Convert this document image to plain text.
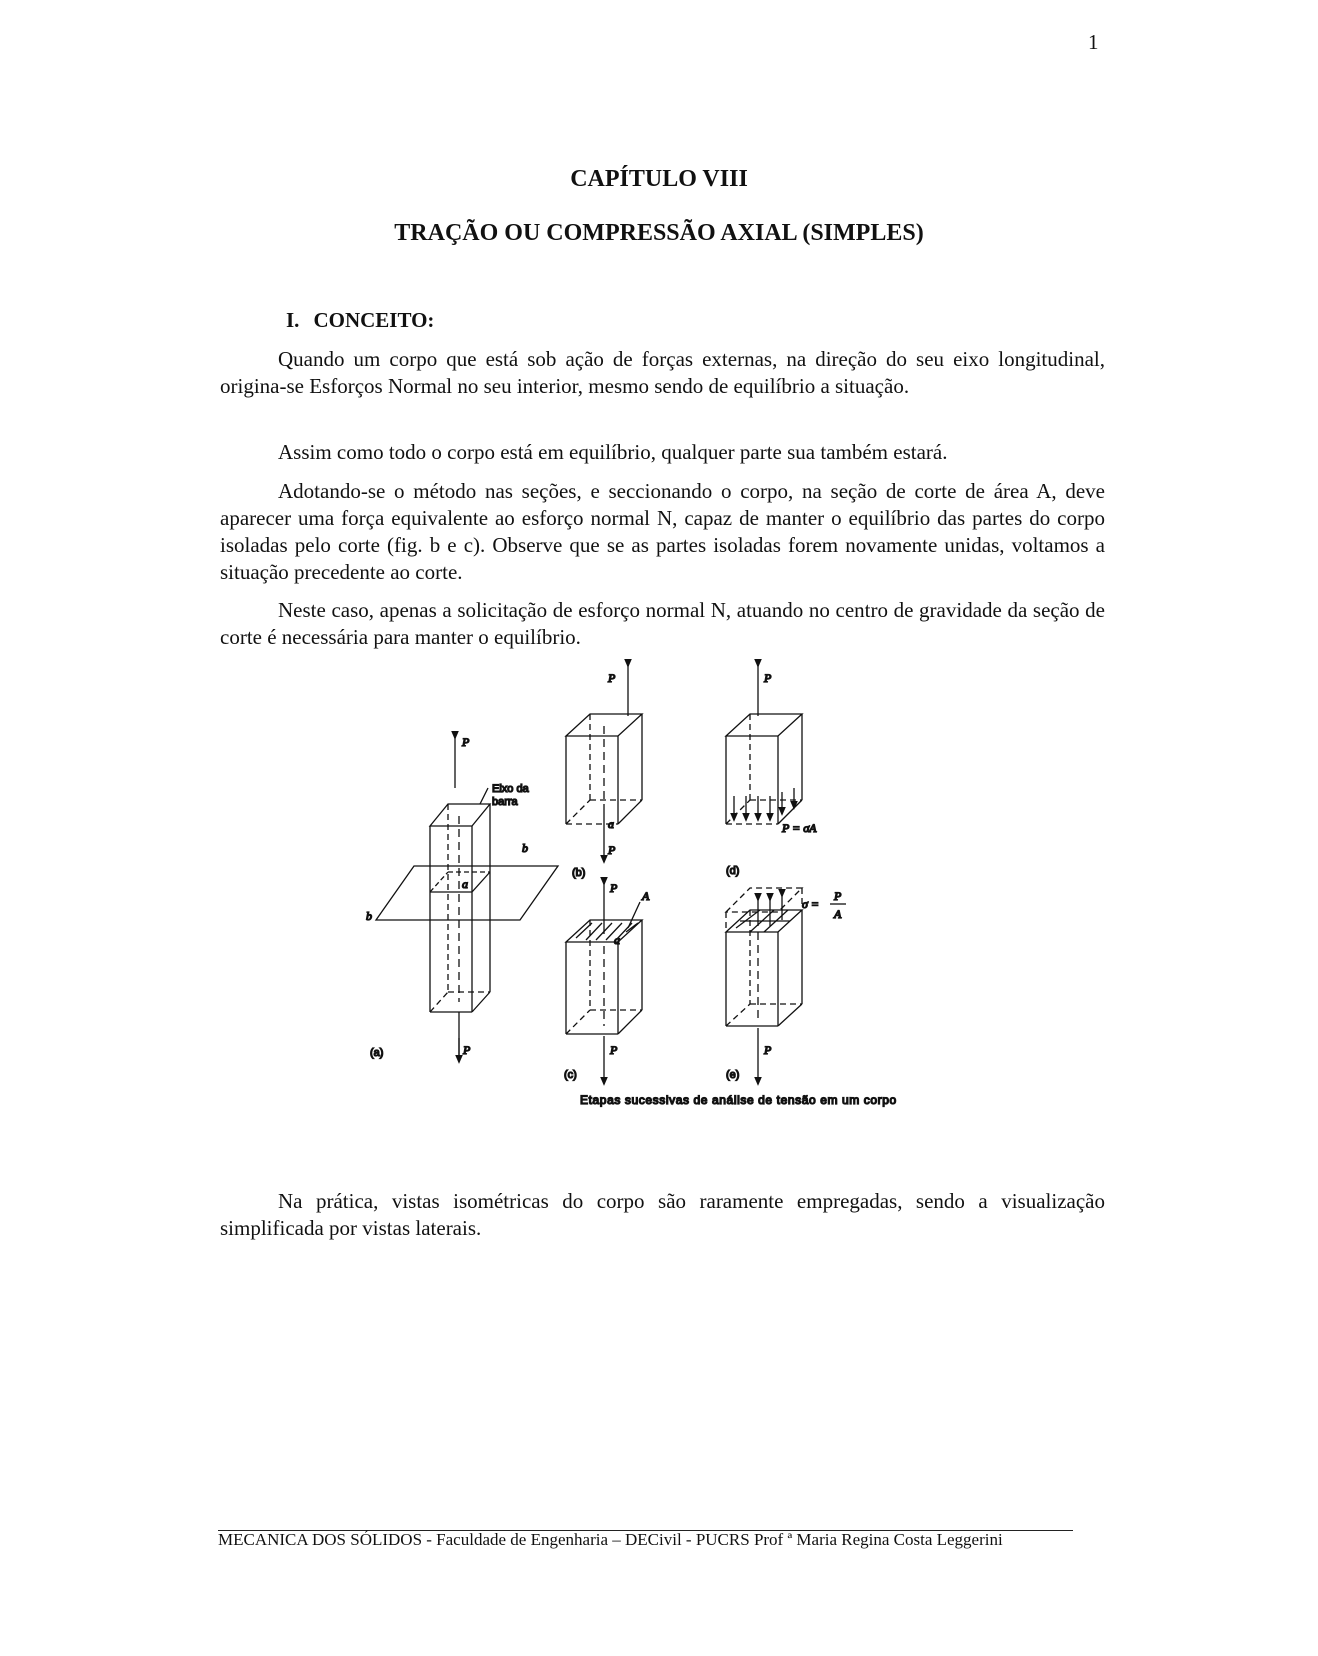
1
CAPÍTULO VIII
TRAÇÃO OU COMPRESSÃO AXIAL (SIMPLES)
I. CONCEITO:

Quando um corpo que está sob ação de forças externas, na direção do seu eixo longitudinal, origina-se Esforços Normal no seu interior, mesmo sendo de equilíbrio a situação.

Assim como todo o corpo está em equilíbrio, qualquer parte sua também estará.

Adotando-se o método nas seções, e seccionando o corpo, na seção de corte de área A, deve aparecer uma força equivalente ao esforço normal N, capaz de manter o equilíbrio das partes do corpo isoladas pelo corte (fig. b e c). Observe que se as partes isoladas forem novamente unidas, voltamos a situação precedente ao corte.

Neste caso, apenas a solicitação de esforço normal N, atuando no centro de gravidade da seção de corte é necessária para manter o equilíbrio.

P
Eixo da
barra
a
b
b
P
(a)
P
a
P
(b)
P
P = σA
(d)
P
A
a
P
(c)
σ =
P
A
P
(e)
Etapas sucessivas de análise de tensão em um corpo

Na prática, vistas isométricas do corpo são raramente empregadas, sendo a visualização simplificada por vistas laterais.

MECANICA DOS SÓLIDOS - Faculdade de Engenharia – DECivil - PUCRS Prof ª Maria Regina Costa Leggerini
